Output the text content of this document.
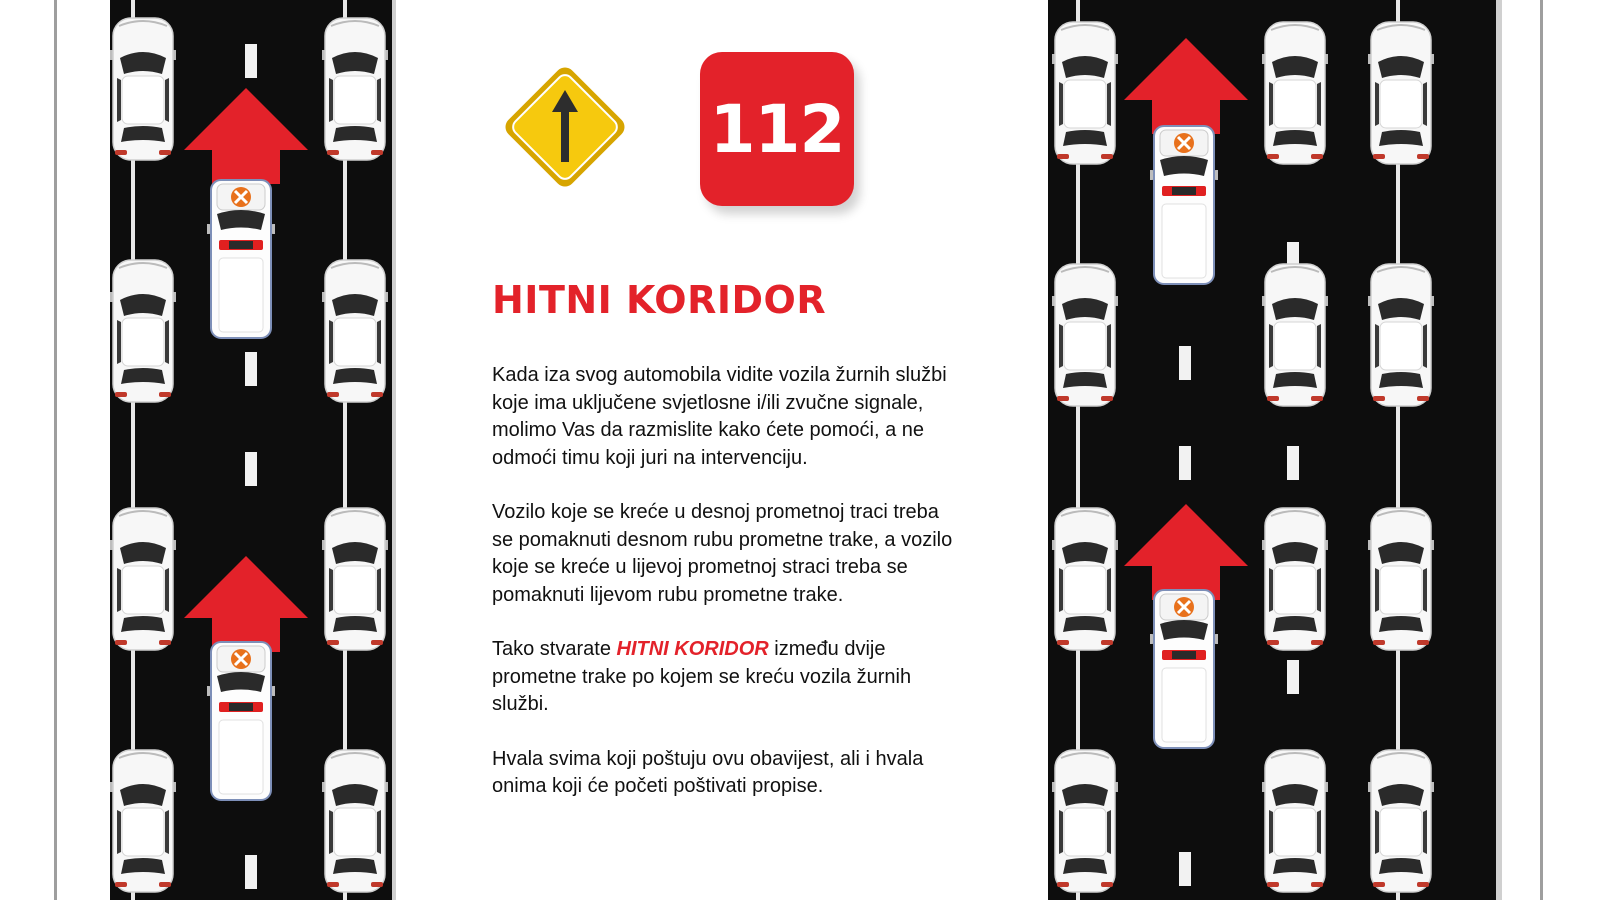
112
HITNI KORIDOR

Kada iza svog automobila vidite vozila žurnih službi koje ima uključene svjetlosne i/ili zvučne signale, molimo Vas da razmislite kako ćete pomoći, a ne odmoći timu koji juri na intervenciju.

Vozilo koje se kreće u desnoj prometnoj traci treba se pomaknuti desnom rubu prometne trake, a vozilo koje se kreće u lijevoj prometnoj straci treba se pomaknuti lijevom rubu prometne trake.

Tako stvarate HITNI KORIDOR između dvije prometne trake po kojem se kreću vozila žurnih službi.

Hvala svima koji poštuju ovu obavijest, ali i hvala onima koji će početi poštivati propise.
